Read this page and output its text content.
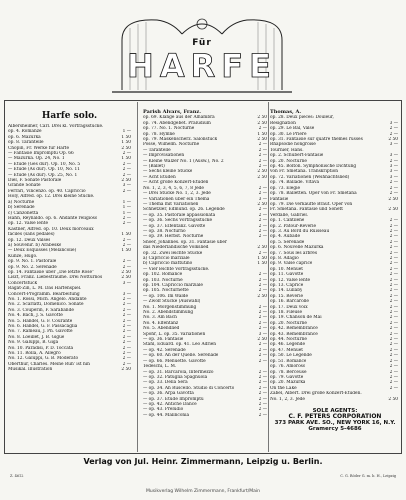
Für
HARFE
Harfe solo.
Albersheimer, Carl. Drei kl. Vortragsstücke.
op. 4. Romanze	1 —
op. 6. Mazurka	1 50
op. 8. Tarantelle	1 50
Chopin, Fr. Werke für Harfe	2 50
— Fantasie Impromptu Op. 66	2 —
— Mazurka. Op. 24, No. 1	1 50
— Etude (Ges dur). Op. 10, No. 5	2 —
— Etude (As dur). Op. 10, No. 11	2 —
— Etude (As dur). Op. 25, No. 1	2 —
Diel, F. Sonate Pastorale	2 50
Grande Sonate	3 —
Ferrari, Vincenzo. op. 40. Capriccio	2 —
Holy, Alfred. op. 12. Drei kleine Stücke.
a) Nocturne	1 —
b) Serenade	1 —
c) Canzonetta	1 —
Hahn, Reynaldo. op. 6. Andante religioso	2 —
op. 12. Valse lente	2 —
Kastner, Alfred. op. 10. Deux morceaux
faciles (sans pédales)	1 50
op. 12. Deux Valses	2 —
a) Souvenir. b) Arabeske	2 —
— Deux Esquisses (Mélancolie)	1 50
Kunze, Hugo.
op. 9. No. 1. Pastorale	2 —
op. 9. No. 2. Sérénade	2 —
op. 14. Fantaisie über „Die letzte Rose”	2 50
Liszt, Franz. Liebesträume. Drei Notturnos	2 50
Concertstück	3 —
Ragat-Zin, L. M. Das Harfenspiel.
Concert-Programm. Bearbeitung	3 —
No. 1. Rossi, Mich. Angelo. Andante	2 —
No. 2. Scarlatti, Domenico. Sonate	2 —
No. 3. Couperin, F. Sarabande	2 —
No. 4. Bach, J. S. Gavotte	2 —
No. 5. Händel, G. F. Courante	2 —
No. 6. Händel, G. F. Passacaglia	2 —
No. 7. Rameau, J. Ph. Gavotte	2 —
No. 8. Loeillet, J. B. Gigue	2 —
No. 9. Galuppi, B. Giga	2 —
No. 10. Paradisi, P. D. Toccata	2 —
No. 11. Rolla, A. Allegro	2 —
No. 12. Galuppi, G. B. Moderato	2 —
Oberthür, Charles. Meine Ruh' ist hin	2 —
Musikal. Illustration	2 50
Parish Alvars, Franz.
op. 69. Klänge aus der Alhambra	2 50
op. 74. Abendgebet. Präludium	2 50
op. 77. No. 1. Nocturne	2 —
op. 78. Hymne	1 50
op. 79. Maskenscherz. Salonstück	2 50
Posse, Wilhelm. Nocturne	2 —
— Tarantelle	2 —
— Improvisationen	2 —
— Kleine Walzer No. 1 (Ausw.), No. 2	2 —
— (Ballet)	2 —
— Sechs kleine Stücke	2 50
— Acht Etuden	2 50
— Acht große Konzert-Etuden
No. 1, 2, 3, 4, 5, 6, 7, 8 Jede	2 —
— Drei Stücke No. 1, 2, 3. Jede	2 —
— Variationen über ein Thema	3 —
— Thema mit Variationen	2 50
Schnetzler, Edmund. op. 26. Legende	2 —
— op. 35. Pastorale appassionata	2 —
— op. 36. Sechs Vortragsstücke	2 —
— op. 37. Elfentanz. Gavotte	2 —
— op. 38. Nocturno	2 —
— op. 39. Herbst. Nocturne	2 —
Snoer, Johannes. op. 31. Fantasie über
das Niederländische Volkslied	2 50
op. 32. Zwei leichte Stücke	2 —
a) Capriccio marziale	1 50
b) Capriccio mattutino	1 50
— Vier leichte Vortragsstücke.
op. 102. Romance	2 —
op. 103. Nocturne	2 —
op. 104. Capriccio marziale	2 —
op. 105. Nocturnette	2 —
— op. 106. Im Walde	2 50
— Zwölf Stücke (Auswahl)
No. 1. Morgenstimmung	2 —
No. 2. Abendstimmung	2 —
No. 3. Am Bach	2 —
No. 4. Elfentanz	2 —
No. 5. Abendlied	2 —
Spohr, L. op. 35. Variationen	3 —
— op. 36. Fantasie	2 50
Stahl, Eduard. op. 41. Leo Adrien	2 —
— op. 42. Sérénade	2 —
— op. 60. An der Quelle. Sérénade	2 —
— op. 66. Menuette. Gavotte	2 —
Tedeschi, L. M.
— op. 31. Barcarola, Intermezzo	2 —
— op. 32. Patuglia Spagnuola	2 —
— op. 33. Della Sera	2 —
— op. 34. Ah Ruscello. Studio di Concerto	2 —
— op. 36. Arpa Gavotta	2 —
— op. 37. Etude Impromptu	2 —
— op. 42. Antiche Dance	2 —
— op. 43. Preludio	2 —
— op. 44. Malinconia	2 —
Thomas, A.
op. 28. Deux pièces: Douleur,
Résignation	3 —
op. 29. Le Bal, Valse	2 —
op. 30. Le Prière	2 —
op. 31. Fantaisie sur quatre thèmes russes	2 50
Rhapsodie hongroise	3 —
Tournier, Hans.
op. 2. Schubert-Fantasie	3 —
op. 20. Nocturne	2 —
op. 45. Bolton. Symphonische Dichtung	3 —
von Fr. Smetana. Transkription	3 —
op. 72. Variationen (Weihnachtslied)	3 —
op. 74. Ballade. Vltava	2 —
op. 73. Elegie	2 —
op. 78. Balletten. Oper von Fr. Smetana	2 —
Fantasie	2 50
op. 79. Die verkaufte Braut. Oper von
Fr. Smetana. Fantasie und Sonett	2 50
Verdalle, Gabriel.
op. 1. Cantilène	2 —
op. 2. Pâtour-Rêverie	2 —
op. 3. Au Bord du Ruisseau	2 —
op. 4. Aubade	2 —
op. 5. Sérénade	2 —
op. 6. Nouvelle Mazurka	2 —
op. 7. Sous les arbres	2 —
op. 8. Adagio	2 —
op. 9. Valse caprice	2 —
op. 10. Menuet	2 —
op. 11. Gavotte	2 —
op. 12. Valse lente	2 —
op. 13. Caprice	2 —
op. 14. Lullaby	2 —
op. 15. Reverie	2 —
op. 16. Barcarolle	2 —
op. 17. Deux voix	2 —
op. 18. Fileuse	2 —
op. 19. Chanson de Mai	2 —
op. 20. Nocturne	2 —
op. 42. Remembrance	2 —
op. 43. Remembrance	2 —
op. 44. Nocturne	2 —
op. 46. Légende	2 —
op. 47. Menuet	2 —
op. 50. Le Légende	2 —
op. 51. Romance	2 —
op. 76. Amoroso	2 —
op. 78. Berceuse	2 —
op. 79. Gavotte	2 —
op. 20. Mazurka	2 —
On the Lake	2 —
Zabel, Albert. Drei große Konzert-Etuden.
No. 1, 2, 3. Jede	2 50
SOLE AGENTS:
C. F. PETERS CORPORATION
373 PARK AVE. SO., NEW YORK 16, N.Y.
Gramercy 5-4686
Verlag von Jul. Heinr. Zimmermann, Leipzig u. Berlin.
Z. 4612	C. G. Röder G. m. b. H., Leipzig
Musikverlag Wilhelm Zimmermann, Frankfurt/Main
